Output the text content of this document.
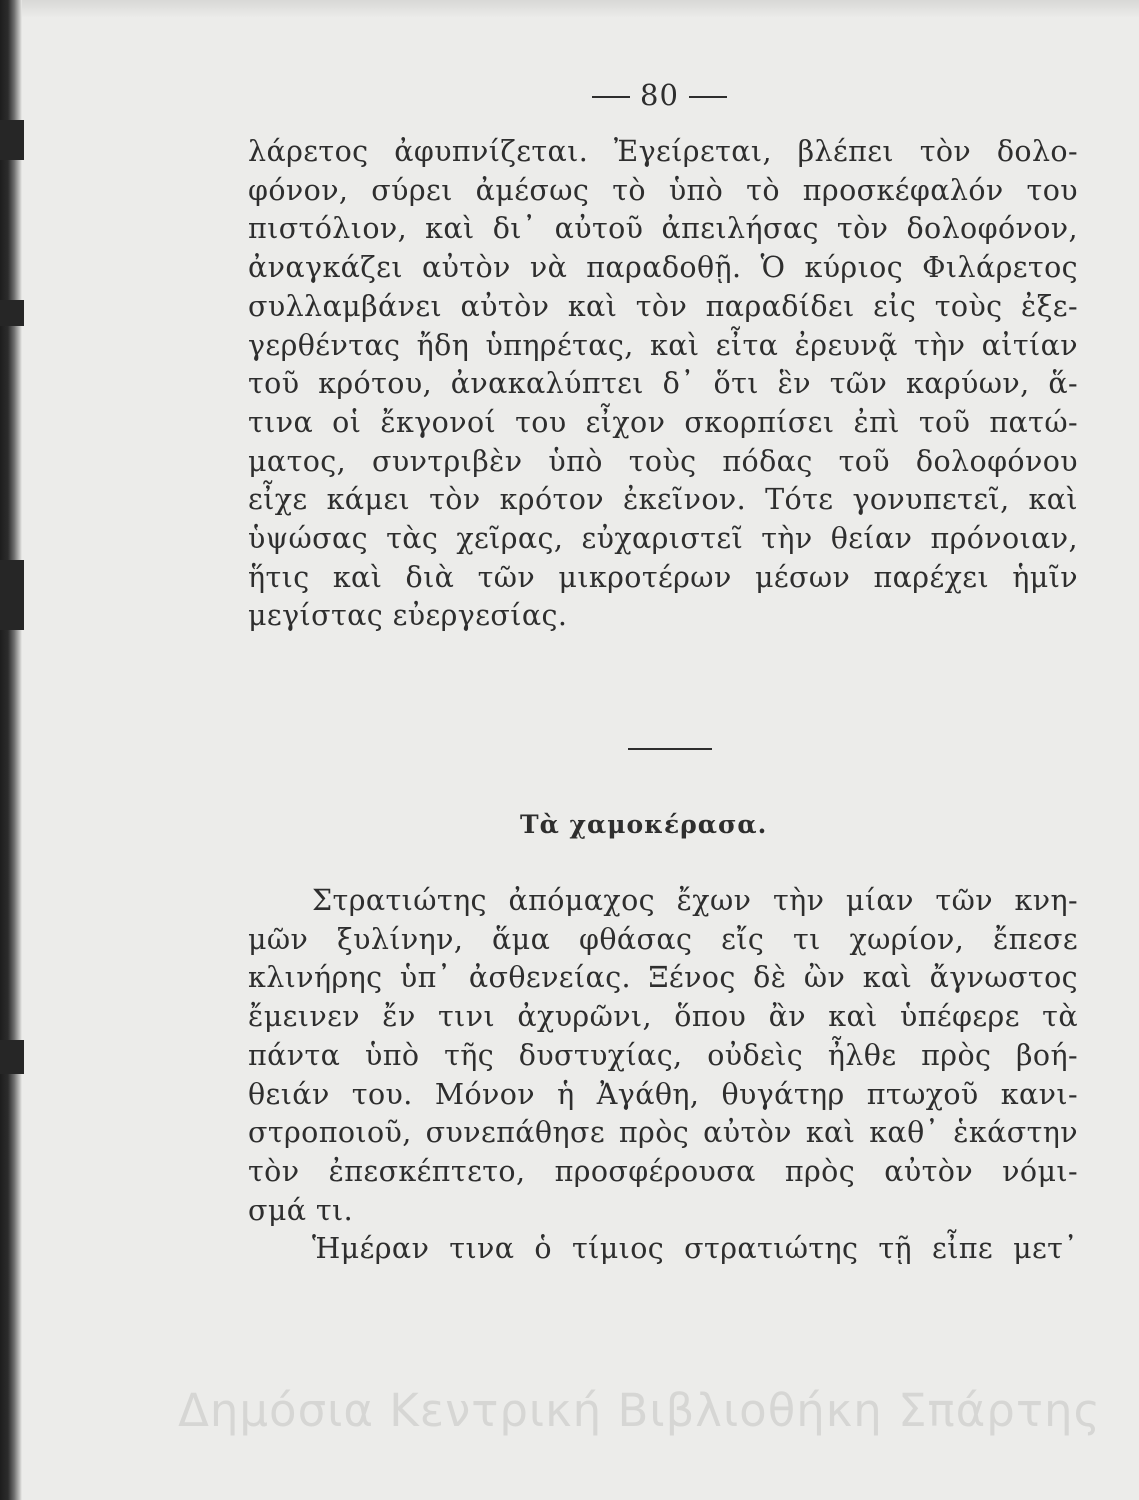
80
λάρετος ἀφυπνίζεται. Ἐγείρεται, βλέπει τὸν δολο-
φόνον, σύρει ἀμέσως τὸ ὑπὸ τὸ προσκέφαλόν του
πιστόλιον, καὶ δι᾽ αὐτοῦ ἀπειλήσας τὸν δολοφόνον,
ἀναγκάζει αὐτὸν νὰ παραδοθῇ. Ὁ κύριος Φιλάρετος
συλλαμβάνει αὐτὸν καὶ τὸν παραδίδει εἰς τοὺς ἐξε-
γερθέντας ἤδη ὑπηρέτας, καὶ εἶτα ἐρευνᾷ τὴν αἰτίαν
τοῦ κρότου, ἀνακαλύπτει δ᾽ ὅτι ἓν τῶν καρύων, ἅ-
τινα οἱ ἔκγονοί του εἶχον σκορπίσει ἐπὶ τοῦ πατώ-
ματος, συντριβὲν ὑπὸ τοὺς πόδας τοῦ δολοφόνου
εἶχε κάμει τὸν κρότον ἐκεῖνον. Τότε γονυπετεῖ, καὶ
ὑψώσας τὰς χεῖρας, εὐχαριστεῖ τὴν θείαν πρόνοιαν,
ἥτις καὶ διὰ τῶν μικροτέρων μέσων παρέχει ἡμῖν
μεγίστας εὐεργεσίας.
Τὰ χαμοκέρασα.
Στρατιώτης ἀπόμαχος ἔχων τὴν μίαν τῶν κνη-
μῶν ξυλίνην, ἅμα φθάσας εἴς τι χωρίον, ἔπεσε
κλινήρης ὑπ᾽ ἀσθενείας. Ξένος δὲ ὢν καὶ ἄγνωστος
ἔμεινεν ἔν τινι ἀχυρῶνι, ὅπου ἂν καὶ ὑπέφερε τὰ
πάντα ὑπὸ τῆς δυστυχίας, οὐδεὶς ἦλθε πρὸς βοή-
θειάν του. Μόνον ἡ Ἀγάθη, θυγάτηρ πτωχοῦ κανι-
στροποιοῦ, συνεπάθησε πρὸς αὐτὸν καὶ καθ᾽ ἑκάστην
τὸν ἐπεσκέπτετο, προσφέρουσα πρὸς αὐτὸν νόμι-
σμά τι.
Ἡμέραν τινα ὁ τίμιος στρατιώτης τῇ εἶπε μετ᾽
Δημόσια Κεντρική Βιβλιοθήκη Σπάρτης
